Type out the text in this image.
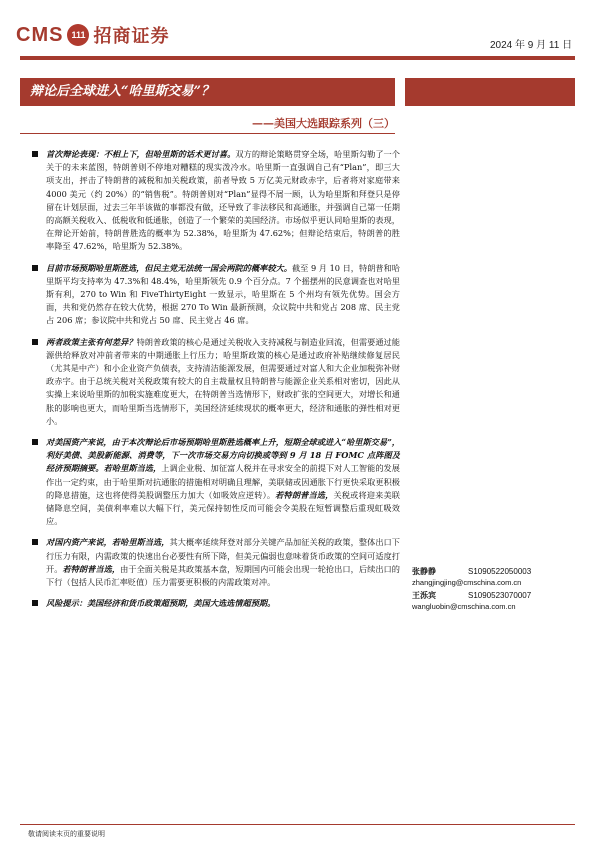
CMS 111 招商证券	2024 年 9 月 11 日
辩论后全球进入“哈里斯交易”？
——美国大选跟踪系列（三）
首次辩论表现：不相上下，但哈里斯的话术更讨喜。双方的辩论策略贯穿全场，哈里斯勾勒了一个关于的未来蓝图，特朗普则不停地对糟糕的现实泼冷水。哈里斯一直强调自己有“Plan”，即三大项支出，抨击了特朗普的减税和加关税政策，前者导致 5 万亿美元财政赤字，后者将对家庭带来 4000 美元（约 20%）的“销售税”。特朗普则对“Plan”显得不屑一顾，认为哈里斯和拜登只是停留在计划层面，过去三年半该做的事都没有做，还导致了非法移民和高通胀，并强调自己第一任期的高额关税收入、低税收和低通胀，创造了一个繁荣的美国经济。市场似乎更认同哈里斯的表现，在辩论开始前，特朗普胜选的概率为 52.38%，哈里斯为 47.62%；但辩论结束后，特朗普的胜率降至 47.62%，哈里斯为 52.38%。
目前市场预期哈里斯胜选，但民主党无法统一国会两院的概率较大。截至 9 月 10 日，特朗普和哈里斯平均支持率为 47.3%和 48.4%，哈里斯领先 0.9 个百分点。7 个摇摆州的民意调查也对哈里斯有利，270 to Win 和 FiveThirtyEight 一致显示，哈里斯在 5 个州均有领先优势。国会方面，共和党仍然存在较大优势，根据 270 To Win 最新预测，众议院中共和党占 208 席、民主党占 206 席；参议院中共和党占 50 席、民主党占 46 席。
两者政策主张有何差异？特朗普政策的核心是通过关税收入支持减税与制造业回流，但需要通过能源供给释放对冲前者带来的中期通胀上行压力；哈里斯政策的核心是通过政府补贴继续修复居民（尤其是中产）和小企业资产负债表，支持清洁能源发展，但需要通过对富人和大企业加税弥补财政赤字。由于总统关税对关税政策有较大的自主裁量权且特朗普与能源企业关系相对密切，因此从实操上来说哈里斯的加税实施难度更大，在特朗普当选情形下，财政扩张的空间更大，对增长和通胀的影响也更大，而哈里斯当选情形下，美国经济延续现状的概率更大，经济和通胀的弹性相对更小。
对美国资产来说，由于本次辩论后市场预期哈里斯胜选概率上升，短期全球或进入“哈里斯交易”，利好美债、美股新能源、消费等，下一次市场交易方向切换或等到 9 月 18 日 FOMC 点阵图及经济预期摘要。若哈里斯当选，上调企业税、加征富人税并在寻求安全的前提下对人工智能的发展作出一定约束，由于哈里斯对抗通胀的措施相对明确且理解，美联储或因通胀下行更快采取更积极的降息措施，这也将使得美股调整压力加大（如吸效应逆转）。若特朗普当选，关税或将迎来美联储降息空间，美债利率难以大幅下行，美元保持韧性反而可能会令美股在短暂调整后重现虹吸效应。
对国内资产来说，若哈里斯当选，其大概率延续拜登对部分关键产品加征关税的政策，整体出口下行压力有限，内需政策的快速出台必要性有所下降，但美元偏弱也意味着货币政策的空间可适度打开。若特朗普当选，由于全面关税是其政策基本盘，短期国内可能会出现一轮抢出口，后续出口的下行（包括人民币汇率贬值）压力需要更积极的内需政策对冲。
风险提示：美国经济和货币政策超预期，美国大选选情超预期。
张静静	S1090522050003
zhangjingjing@cmschina.com.cn
王泺宾	S1090523070007
wangluobin@cmschina.com.cn
敬请阅读末页的重要说明
